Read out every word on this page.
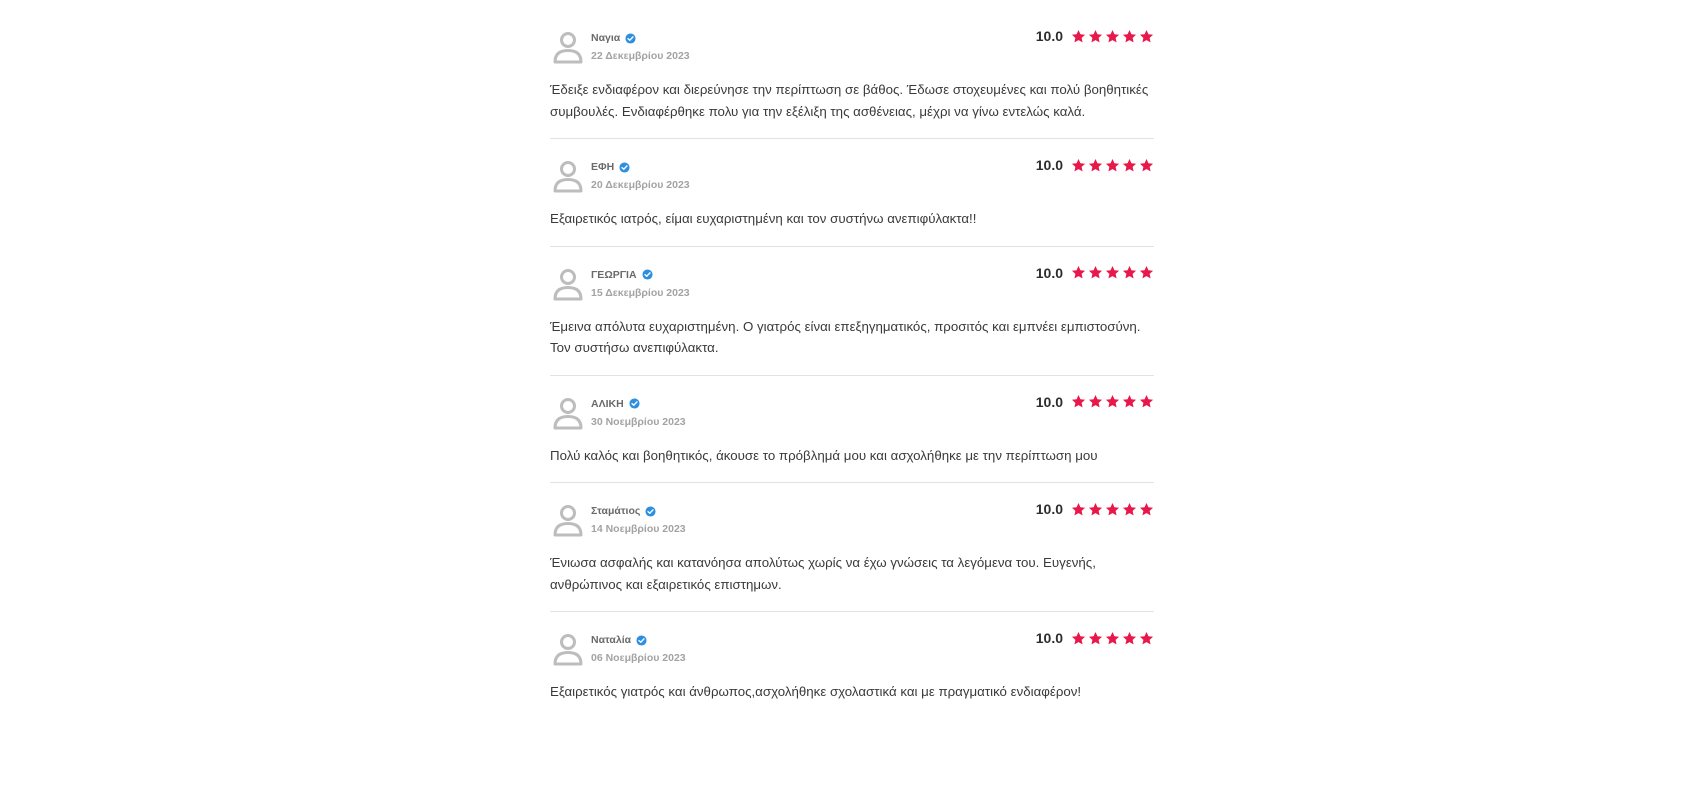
Ναγια
22 Δεκεμβρίου 2023
10.0
Έδειξε ενδιαφέρον και διερεύνησε την περίπτωση σε βάθος. Έδωσε στοχευμένες και πολύ βοηθητικές συμβουλές. Ενδιαφέρθηκε πολυ για την εξέλιξη της ασθένειας, μέχρι να γίνω εντελώς καλά.
ΕΦΗ
20 Δεκεμβρίου 2023
10.0
Εξαιρετικός ιατρός, είμαι ευχαριστημένη και τον συστήνω ανεπιφύλακτα!!
ΓΕΩΡΓΙΑ
15 Δεκεμβρίου 2023
10.0
Έμεινα απόλυτα ευχαριστημένη. Ο γιατρός είναι επεξηγηματικός, προσιτός και εμπνέει εμπιστοσύνη. Τον συστήσω ανεπιφύλακτα.
ΑΛΙΚΗ
30 Νοεμβρίου 2023
10.0
Πολύ καλός και βοηθητικός, άκουσε το πρόβλημά μου και ασχολήθηκε με την περίπτωση μου
Σταμάτιος
14 Νοεμβρίου 2023
10.0
Ένιωσα ασφαλής και κατανόησα απολύτως χωρίς να έχω γνώσεις τα λεγόμενα του. Ευγενής, ανθρώπινος και εξαιρετικός επιστημων.
Ναταλία
06 Νοεμβρίου 2023
10.0
Εξαιρετικός γιατρός και άνθρωπος,ασχολήθηκε σχολαστικά και με πραγματικό ενδιαφέρον!
